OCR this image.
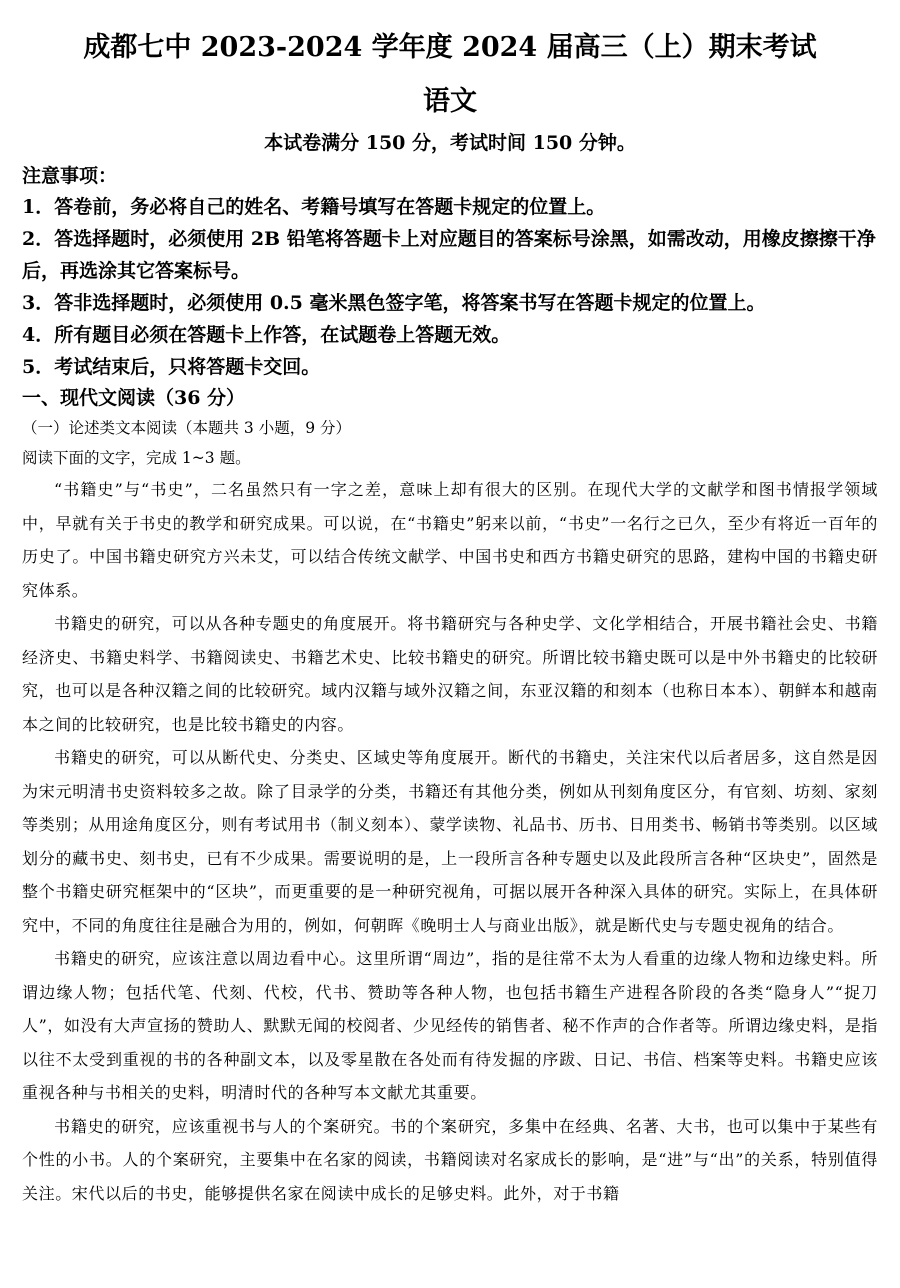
成都七中 2023-2024 学年度 2024 届高三（上）期末考试
语文
本试卷满分 150 分，考试时间 150 分钟。
注意事项：
1．答卷前，务必将自己的姓名、考籍号填写在答题卡规定的位置上。
2．答选择题时，必须使用 2B 铅笔将答题卡上对应题目的答案标号涂黑，如需改动，用橡皮擦擦干净后，再选涂其它答案标号。
3．答非选择题时，必须使用 0.5 毫米黑色签字笔，将答案书写在答题卡规定的位置上。
4．所有题目必须在答题卡上作答，在试题卷上答题无效。
5．考试结束后，只将答题卡交回。
一、现代文阅读（36 分）
（一）论述类文本阅读（本题共 3 小题，9 分）
阅读下面的文字，完成 1~3 题。

“书籍史”与“书史”，二名虽然只有一字之差，意味上却有很大的区别。在现代大学的文献学和图书情报学领域中，早就有关于书史的教学和研究成果。可以说，在“书籍史”躬来以前，“书史”一名行之已久，至少有将近一百年的历史了。中国书籍史研究方兴未艾，可以结合传统文献学、中国书史和西方书籍史研究的思路，建构中国的书籍史研究体系。

书籍史的研究，可以从各种专题史的角度展开。将书籍研究与各种史学、文化学相结合，开展书籍社会史、书籍经济史、书籍史料学、书籍阅读史、书籍艺术史、比较书籍史的研究。所谓比较书籍史既可以是中外书籍史的比较研究，也可以是各种汉籍之间的比较研究。域内汉籍与域外汉籍之间，东亚汉籍的和刻本（也称日本本）、朝鲜本和越南本之间的比较研究，也是比较书籍史的内容。

书籍史的研究，可以从断代史、分类史、区域史等角度展开。断代的书籍史，关注宋代以后者居多，这自然是因为宋元明清书史资料较多之故。除了目录学的分类，书籍还有其他分类，例如从刊刻角度区分，有官刻、坊刻、家刻等类别；从用途角度区分，则有考试用书（制义刻本）、蒙学读物、礼品书、历书、日用类书、畅销书等类别。以区域划分的藏书史、刻书史，已有不少成果。需要说明的是，上一段所言各种专题史以及此段所言各种“区块史”，固然是整个书籍史研究框架中的“区块”，而更重要的是一种研究视角，可据以展开各种深入具体的研究。实际上，在具体研究中，不同的角度往往是融合为用的，例如，何朝晖《晚明士人与商业出版》，就是断代史与专题史视角的结合。

书籍史的研究，应该注意以周边看中心。这里所谓“周边”，指的是往常不太为人看重的边缘人物和边缘史料。所谓边缘人物；包括代笔、代刻、代校，代书、赞助等各种人物，也包括书籍生产进程各阶段的各类“隐身人”“捉刀人”，如没有大声宣扬的赞助人、默默无闻的校阅者、少见经传的销售者、秘不作声的合作者等。所谓边缘史料，是指以往不太受到重视的书的各种副文本，以及零星散在各处而有待发掘的序跋、日记、书信、档案等史料。书籍史应该重视各种与书相关的史料，明清时代的各种写本文献尤其重要。

书籍史的研究，应该重视书与人的个案研究。书的个案研究，多集中在经典、名著、大书，也可以集中于某些有个性的小书。人的个案研究，主要集中在名家的阅读，书籍阅读对名家成长的影响，是“进”与“出”的关系，特别值得关注。宋代以后的书史，能够提供名家在阅读中成长的足够史料。此外，对于书籍
